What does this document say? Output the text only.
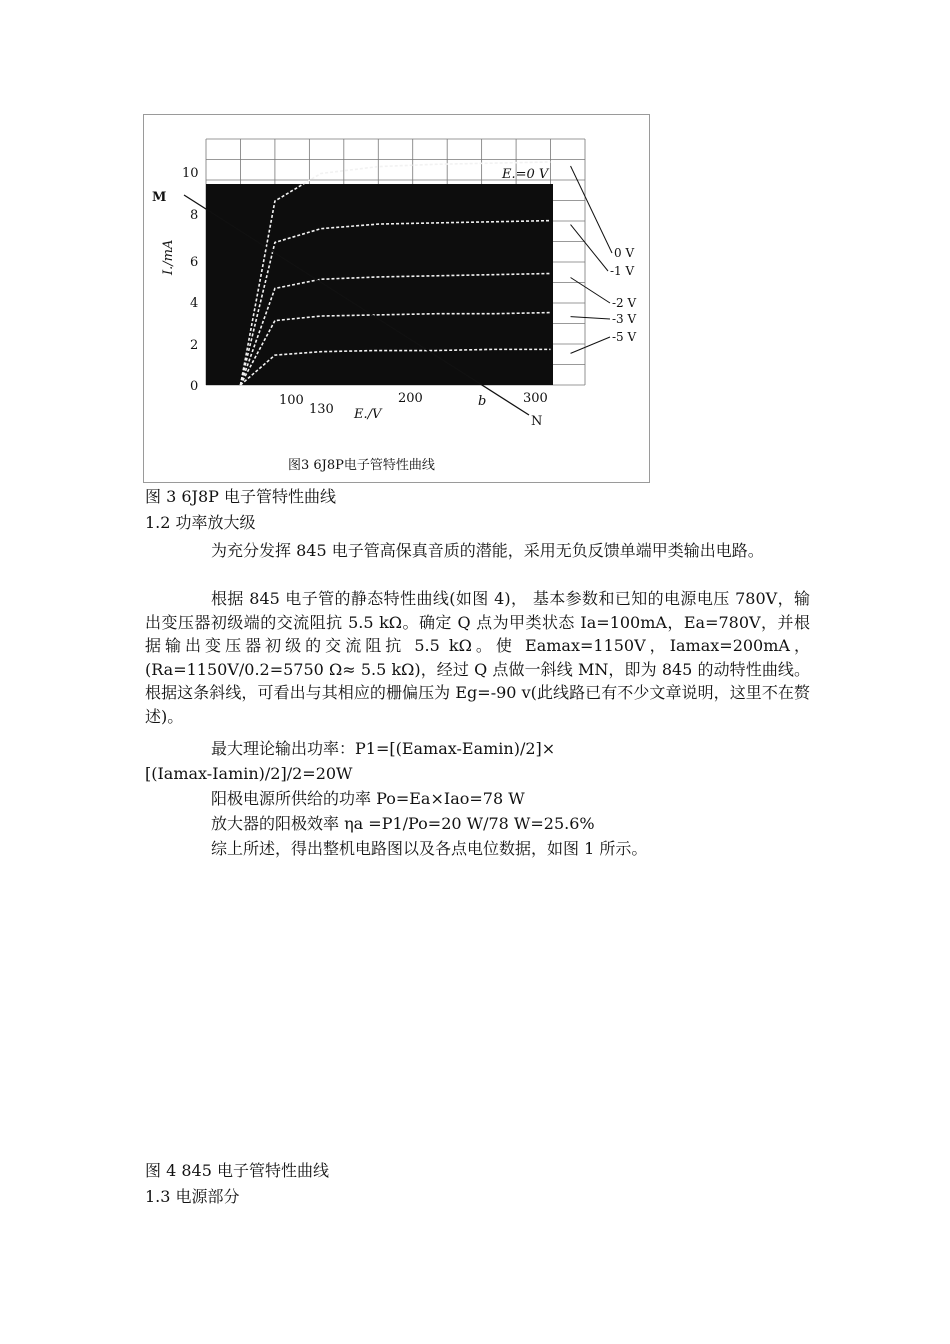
10
8
6
4
2
0
100
130
200	300
E./V
I./mA
E.=0 V
M
N
b
0 V
-1 V
-2 V
-3 V
-5 V
图3 6J8P电子管特性曲线
图 3 6J8P 电子管特性曲线
1.2 功率放大级
为充分发挥 845 电子管高保真音质的潜能，采用无负反馈单端甲类输出电路。
根据 845 电子管的静态特性曲线(如图 4)， 基本参数和已知的电源电压 780V，输出变压器初级端的交流阻抗 5.5 kΩ。确定 Q 点为甲类状态 Ia=100mA，Ea=780V，并根据输出变压器初级的交流阻抗 5.5 kΩ。使 Eamax=1150V，Iamax=200mA，(Ra=1150V/0.2=5750 Ω≈ 5.5 kΩ)，经过 Q 点做一斜线 MN，即为 845 的动特性曲线。根据这条斜线，可看出与其相应的栅偏压为 Eg=-90 v(此线路已有不少文章说明，这里不在赘述)。
最大理论输出功率：P1=[(Eamax-Eamin)/2]×
[(Iamax-Iamin)/2]/2=20W
阳极电源所供给的功率 Po=Ea×Iao=78 W
放大器的阳极效率 ηa =P1/Po=20 W/78 W=25.6%
综上所述，得出整机电路图以及各点电位数据，如图 1 所示。
图 4 845 电子管特性曲线
1.3 电源部分
